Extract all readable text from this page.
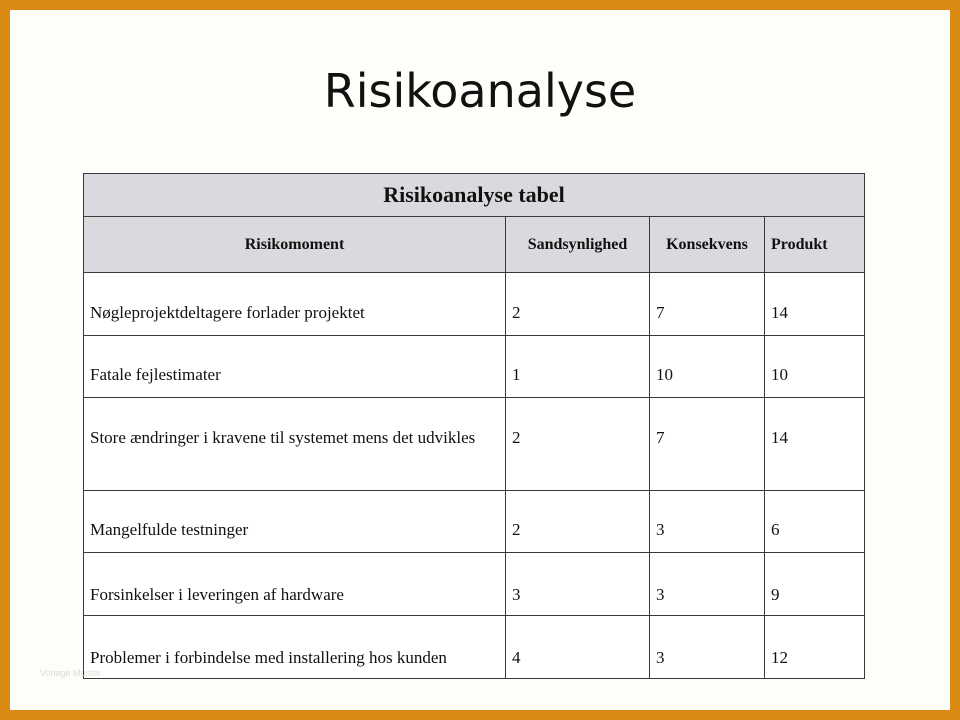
Risikoanalyse
Risikoanalyse tabel			
Risikomoment	Sandsynlighed	Konsekvens	Produkt
Nøgleprojektdeltagere forlader projektet	2	7	14
Fatale fejlestimater	1	10	10
Store ændringer i kravene til systemet mens det udvikles	2	7	14
Mangelfulde testninger	2	3	6
Forsinkelser i leveringen af hardware	3	3	9
Problemer i forbindelse med installering hos kunden	4	3	12
Vorlage Muster
